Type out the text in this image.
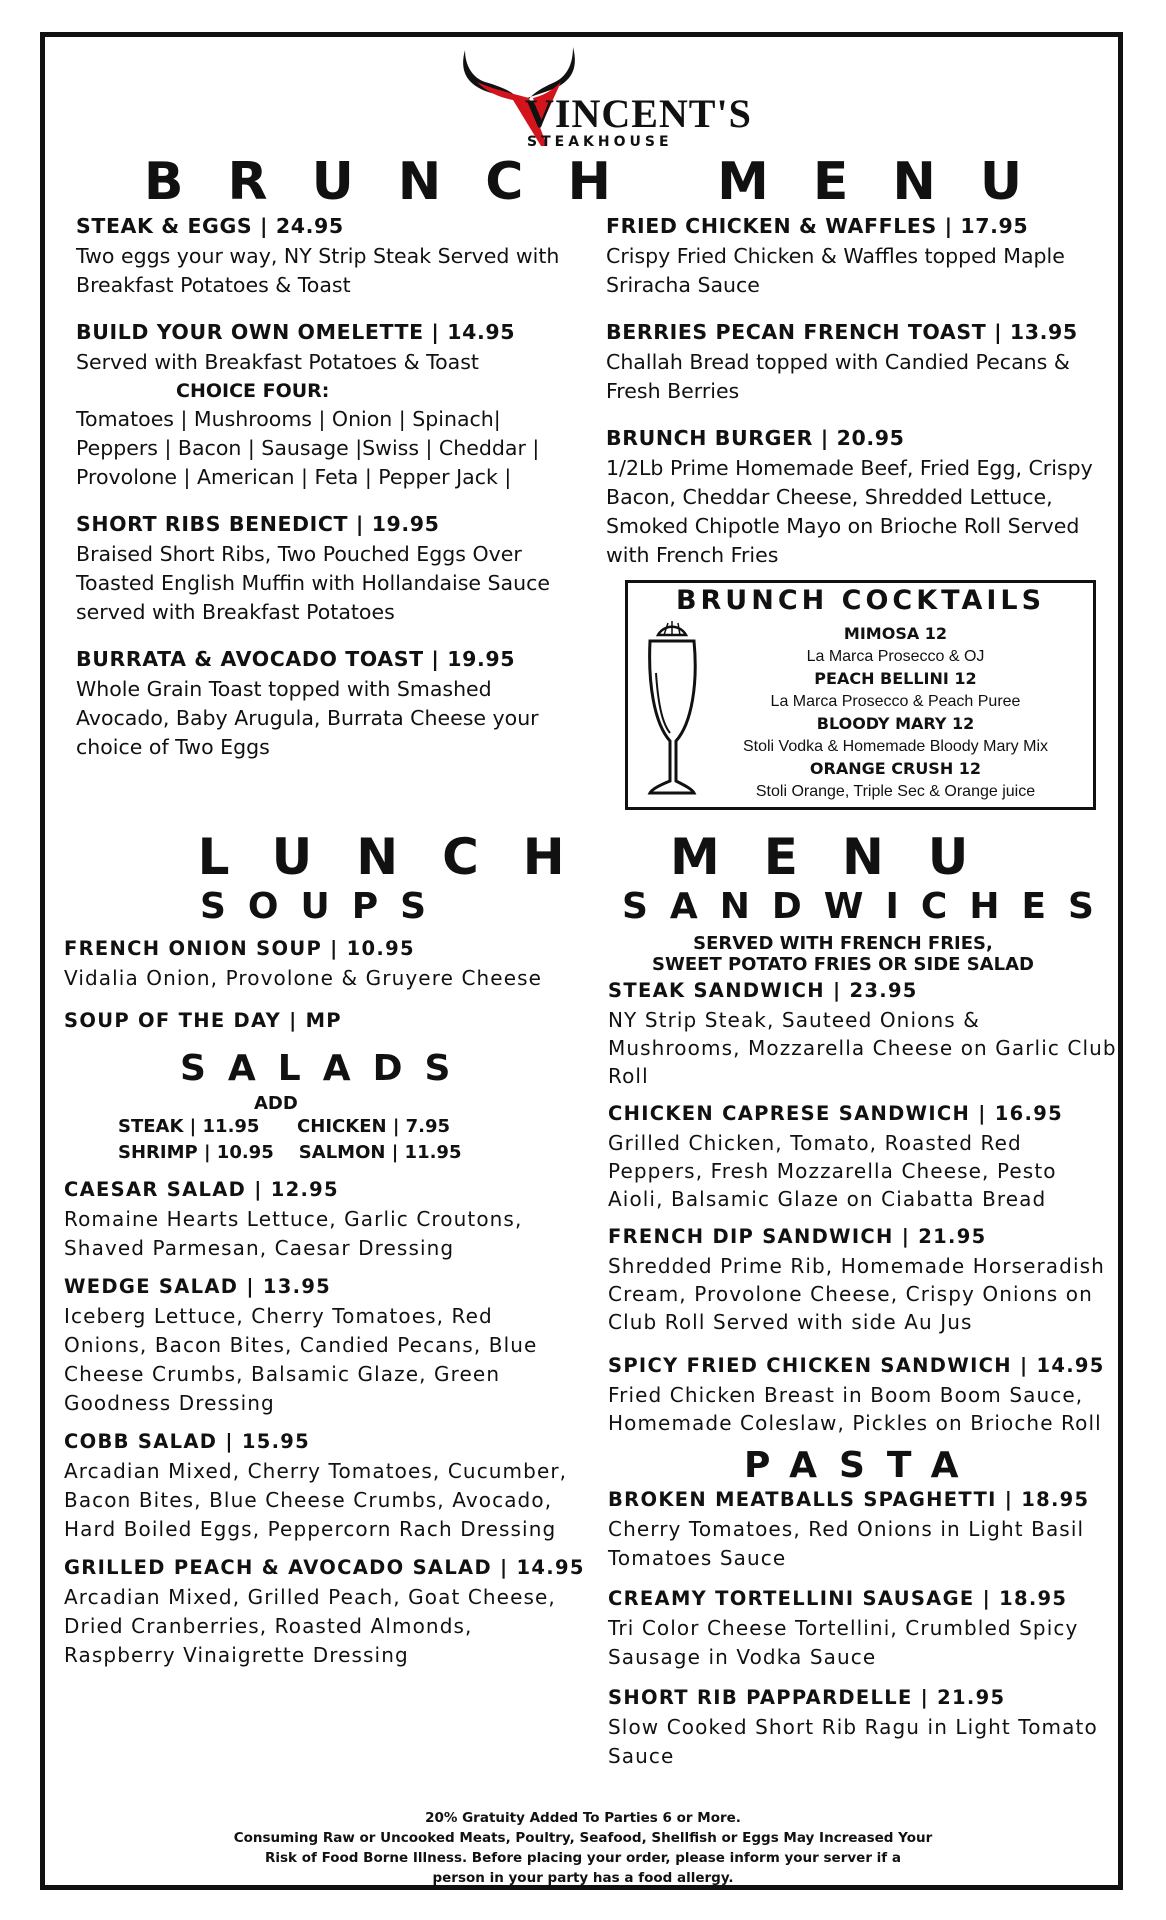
VINCENT'S
STEAKHOUSE
BRUNCH MENU
STEAK & EGGS | 24.95
Two eggs your way, NY Strip Steak Served with Breakfast Potatoes & Toast
BUILD YOUR OWN OMELETTE | 14.95
Served with Breakfast Potatoes & Toast
CHOICE FOUR:
Tomatoes | Mushrooms | Onion | Spinach| Peppers | Bacon | Sausage |Swiss | Cheddar | Provolone | American | Feta | Pepper Jack |
SHORT RIBS BENEDICT | 19.95
Braised Short Ribs, Two Pouched Eggs Over Toasted English Muffin with Hollandaise Sauce served with Breakfast Potatoes
BURRATA & AVOCADO TOAST | 19.95
Whole Grain Toast topped with Smashed Avocado, Baby Arugula, Burrata Cheese your choice of Two Eggs
FRIED CHICKEN & WAFFLES | 17.95
Crispy Fried Chicken & Waffles topped Maple Sriracha Sauce
BERRIES PECAN FRENCH TOAST | 13.95
Challah Bread topped with Candied Pecans & Fresh Berries
BRUNCH BURGER | 20.95
1/2Lb Prime Homemade Beef, Fried Egg, Crispy Bacon, Cheddar Cheese, Shredded Lettuce, Smoked Chipotle Mayo on Brioche Roll Served with French Fries
BRUNCH COCKTAILS
MIMOSA 12
La Marca Prosecco & OJ
PEACH BELLINI 12
La Marca Prosecco & Peach Puree
BLOODY MARY 12
Stoli Vodka & Homemade Bloody Mary Mix
ORANGE CRUSH 12
Stoli Orange, Triple Sec & Orange juice
LUNCH MENU
SOUPS
FRENCH ONION SOUP | 10.95
Vidalia Onion, Provolone & Gruyere Cheese
SOUP OF THE DAY | MP
SALADS
ADD
STEAK | 11.95      CHICKEN | 7.95
SHRIMP | 10.95    SALMON | 11.95
CAESAR SALAD | 12.95
Romaine Hearts Lettuce, Garlic Croutons, Shaved Parmesan, Caesar Dressing
WEDGE SALAD | 13.95
Iceberg Lettuce, Cherry Tomatoes, Red Onions, Bacon Bites, Candied Pecans, Blue Cheese Crumbs, Balsamic Glaze, Green Goodness Dressing
COBB SALAD | 15.95
Arcadian Mixed, Cherry Tomatoes, Cucumber, Bacon Bites, Blue Cheese Crumbs, Avocado, Hard Boiled Eggs, Peppercorn Rach Dressing
GRILLED PEACH & AVOCADO SALAD | 14.95
Arcadian Mixed, Grilled Peach, Goat Cheese, Dried Cranberries, Roasted Almonds, Raspberry Vinaigrette Dressing
SANDWICHES
SERVED WITH FRENCH FRIES,
SWEET POTATO FRIES OR SIDE SALAD
STEAK SANDWICH | 23.95
NY Strip Steak, Sauteed Onions & Mushrooms, Mozzarella Cheese on Garlic Club Roll
CHICKEN CAPRESE SANDWICH | 16.95
Grilled Chicken, Tomato, Roasted Red Peppers, Fresh Mozzarella Cheese, Pesto Aioli, Balsamic Glaze on Ciabatta Bread
FRENCH DIP SANDWICH | 21.95
Shredded Prime Rib, Homemade Horseradish Cream, Provolone Cheese, Crispy Onions on Club Roll Served with side Au Jus
SPICY FRIED CHICKEN SANDWICH | 14.95
Fried Chicken Breast in Boom Boom Sauce, Homemade Coleslaw, Pickles on Brioche Roll
PASTA
BROKEN MEATBALLS SPAGHETTI | 18.95
Cherry Tomatoes, Red Onions in Light Basil Tomatoes Sauce
CREAMY TORTELLINI SAUSAGE | 18.95
Tri Color Cheese Tortellini, Crumbled Spicy Sausage in Vodka Sauce
SHORT RIB PAPPARDELLE | 21.95
Slow Cooked Short Rib Ragu in Light Tomato Sauce
20% Gratuity Added To Parties 6 or More.
Consuming Raw or Uncooked Meats, Poultry, Seafood, Shellfish or Eggs May Increased Your
Risk of Food Borne Illness. Before placing your order, please inform your server if a
person in your party has a food allergy.
